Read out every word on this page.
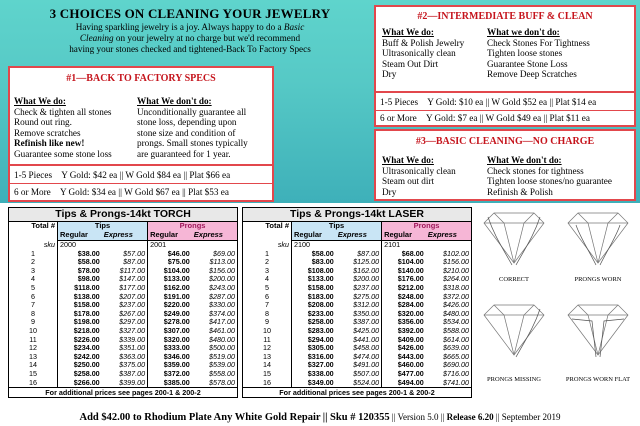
3 CHOICES ON CLEANING YOUR JEWELRY
Having sparkling jewelry is a joy. Always happy to do a Basic
Cleaning on your jewelry at no charge but we'd recommend
having your stones checked and tightened-Back To Factory Specs
#1—BACK TO FACTORY SPECS
What We do:
Check & tighten all stones
Round out ring.
Remove scratches
Refinish like new!
Guarantee some stone loss
What We don't do:
Unconditionally guarantee all
stone loss, depending upon
stone size and condition of
prongs. Small stones typically
are guaranteed for 1 year.
1-5 Pieces Y Gold: $42 ea || W Gold $84 ea || Plat $66 ea
6 or More Y Gold: $34 ea || W Gold $67 ea || Plat $53 ea
#2—INTERMEDIATE BUFF & CLEAN
What We do:
Buff & Polish Jewelry
Ultrasonically clean
Steam Out Dirt
Dry
What we don't do:
Check Stones For Tightness
Tighten loose stones
Guarantee Stone Loss
Remove Deep Scratches
1-5 Pieces Y Gold: $10 ea || W Gold $52 ea || Plat $14 ea
6 or More Y Gold: $7 ea || W Gold $49 ea || Plat $11 ea
#3—BASIC CLEANING—NO CHARGE
What We do:
Ultrasonically clean
Steam out dirt
Dry
What We don't do:
Check stones for tightness
Tighten loose stones/no guarantee
Refinish & Polish
Tips & Prongs-14kt TORCH
Total #	Tips		Prongs	
	Regular	Express	Regular	Express
sku	2000		2001	
1	$38.00	$57.00	$46.00	$69.00
2	$58.00	$87.00	$75.00	$113.00
3	$78.00	$117.00	$104.00	$156.00
4	$98.00	$147.00	$133.00	$200.00
5	$118.00	$177.00	$162.00	$243.00
6	$138.00	$207.00	$191.00	$287.00
7	$158.00	$237.00	$220.00	$330.00
8	$178.00	$267.00	$249.00	$374.00
9	$198.00	$297.00	$278.00	$417.00
10	$218.00	$327.00	$307.00	$461.00
11	$226.00	$339.00	$320.00	$480.00
12	$234.00	$351.00	$333.00	$500.00
13	$242.00	$363.00	$346.00	$519.00
14	$250.00	$375.00	$359.00	$539.00
15	$258.00	$387.00	$372.00	$558.00
16	$266.00	$399.00	$385.00	$578.00
For additional prices see pages 200-1 & 200-2
Tips & Prongs-14kt LASER
Total #	Tips		Prongs	
	Regular	Express	Regular	Express
sku	2100		2101	
1	$58.00	$87.00	$68.00	$102.00
2	$83.00	$125.00	$104.00	$156.00
3	$108.00	$162.00	$140.00	$210.00
4	$133.00	$200.00	$176.00	$264.00
5	$158.00	$237.00	$212.00	$318.00
6	$183.00	$275.00	$248.00	$372.00
7	$208.00	$312.00	$284.00	$426.00
8	$233.00	$350.00	$320.00	$480.00
9	$258.00	$387.00	$356.00	$534.00
10	$283.00	$425.00	$392.00	$588.00
11	$294.00	$441.00	$409.00	$614.00
12	$305.00	$458.00	$426.00	$639.00
13	$316.00	$474.00	$443.00	$665.00
14	$327.00	$491.00	$460.00	$690.00
15	$338.00	$507.00	$477.00	$716.00
16	$349.00	$524.00	$494.00	$741.00
For additional prices see pages 200-1 & 200-2
CORRECT	PRONGS WORN
PRONGS MISSING	PRONGS WORN FLAT
Add $42.00 to Rhodium Plate Any White Gold Repair || Sku # 120355 || Version 5.0 || Release 6.20 || September 2019
